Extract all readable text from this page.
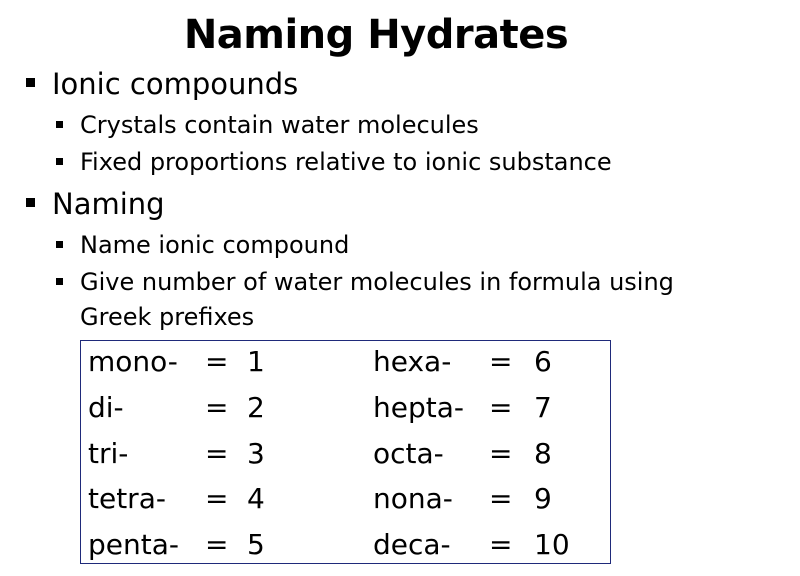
Naming Hydrates
Ionic compounds
Crystals contain water molecules
Fixed proportions relative to ionic substance
Naming
Name ionic compound
Give number of water molecules in formula using
Greek prefixes
mono- = 1
di-	= 2
tri-	= 3
tetra- = 4
penta- = 5
hexa- = 6
hepta- = 7
octa- = 8
nona- = 9
deca- = 10
